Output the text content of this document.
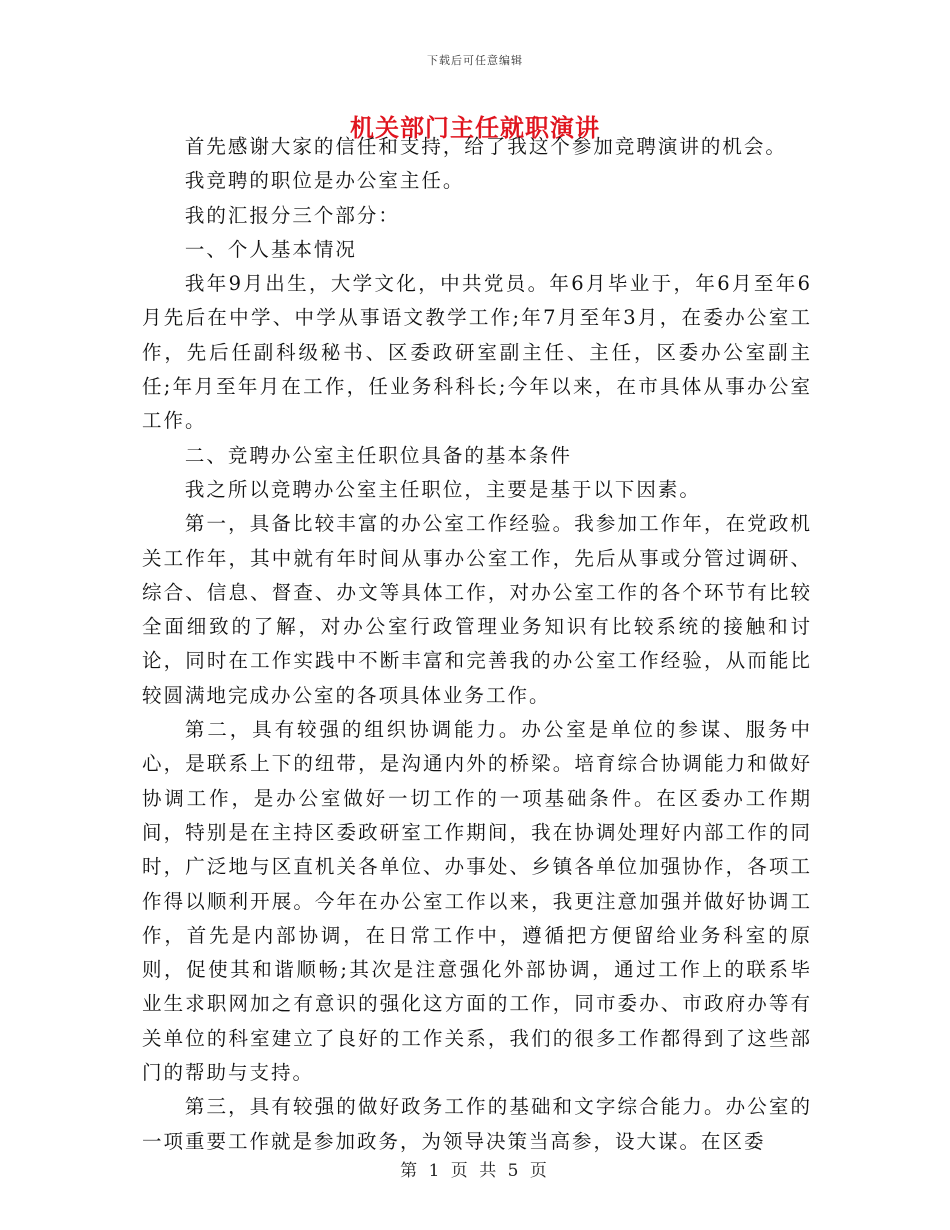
下载后可任意编辑
机关部门主任就职演讲

首先感谢大家的信任和支持，给了我这个参加竞聘演讲的机会。

我竞聘的职位是办公室主任。

我的汇报分三个部分：

一、个人基本情况

我年9月出生，大学文化，中共党员。年6月毕业于，年6月至年6月先后在中学、中学从事语文教学工作;年7月至年3月，在委办公室工作，先后任副科级秘书、区委政研室副主任、主任，区委办公室副主任;年月至年月在工作，任业务科科长;今年以来，在市具体从事办公室工作。

二、竞聘办公室主任职位具备的基本条件

我之所以竞聘办公室主任职位，主要是基于以下因素。

第一，具备比较丰富的办公室工作经验。我参加工作年，在党政机关工作年，其中就有年时间从事办公室工作，先后从事或分管过调研、综合、信息、督查、办文等具体工作，对办公室工作的各个环节有比较全面细致的了解，对办公室行政管理业务知识有比较系统的接触和讨论，同时在工作实践中不断丰富和完善我的办公室工作经验，从而能比较圆满地完成办公室的各项具体业务工作。

第二，具有较强的组织协调能力。办公室是单位的参谋、服务中心，是联系上下的纽带，是沟通内外的桥梁。培育综合协调能力和做好协调工作，是办公室做好一切工作的一项基础条件。在区委办工作期间，特别是在主持区委政研室工作期间，我在协调处理好内部工作的同时，广泛地与区直机关各单位、办事处、乡镇各单位加强协作，各项工作得以顺利开展。今年在办公室工作以来，我更注意加强并做好协调工作，首先是内部协调，在日常工作中，遵循把方便留给业务科室的原则，促使其和谐顺畅;其次是注意强化外部协调，通过工作上的联系毕业生求职网加之有意识的强化这方面的工作，同市委办、市政府办等有关单位的科室建立了良好的工作关系，我们的很多工作都得到了这些部门的帮助与支持。

第三，具有较强的做好政务工作的基础和文字综合能力。办公室的一项重要工作就是参加政务，为领导决策当高参，设大谋。在区委

第 1 页 共 5 页
